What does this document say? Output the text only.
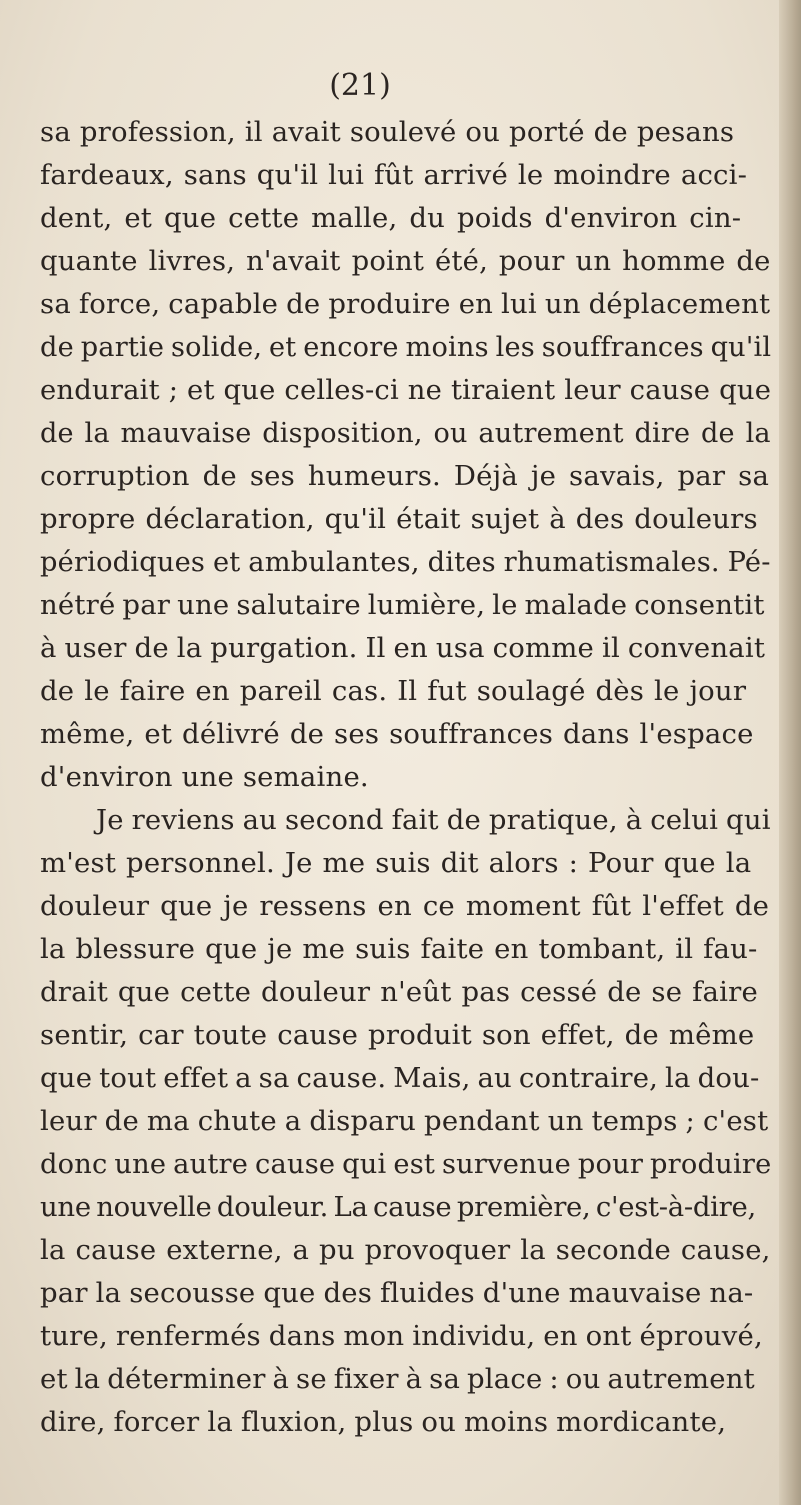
(21)
sa profession, il avait soulevé ou porté de pesans
fardeaux, sans qu'il lui fût arrivé le moindre acci-
dent, et que cette malle, du poids d'environ cin-
quante livres, n'avait point été, pour un homme de
sa force, capable de produire en lui un déplacement
de partie solide, et encore moins les souffrances qu'il
endurait ; et que celles-ci ne tiraient leur cause que
de la mauvaise disposition, ou autrement dire de la
corruption de ses humeurs. Déjà je savais, par sa
propre déclaration, qu'il était sujet à des douleurs
périodiques et ambulantes, dites rhumatismales. Pé-
nétré par une salutaire lumière, le malade consentit
à user de la purgation. Il en usa comme il convenait
de le faire en pareil cas. Il fut soulagé dès le jour
même, et délivré de ses souffrances dans l'espace
d'environ une semaine.
Je reviens au second fait de pratique, à celui qui
m'est personnel. Je me suis dit alors : Pour que la
douleur que je ressens en ce moment fût l'effet de
la blessure que je me suis faite en tombant, il fau-
drait que cette douleur n'eût pas cessé de se faire
sentir, car toute cause produit son effet, de même
que tout effet a sa cause. Mais, au contraire, la dou-
leur de ma chute a disparu pendant un temps ; c'est
donc une autre cause qui est survenue pour produire
une nouvelle douleur. La cause première, c'est-à-dire,
la cause externe, a pu provoquer la seconde cause,
par la secousse que des fluides d'une mauvaise na-
ture, renfermés dans mon individu, en ont éprouvé,
et la déterminer à se fixer à sa place : ou autrement
dire, forcer la fluxion, plus ou moins mordicante,
